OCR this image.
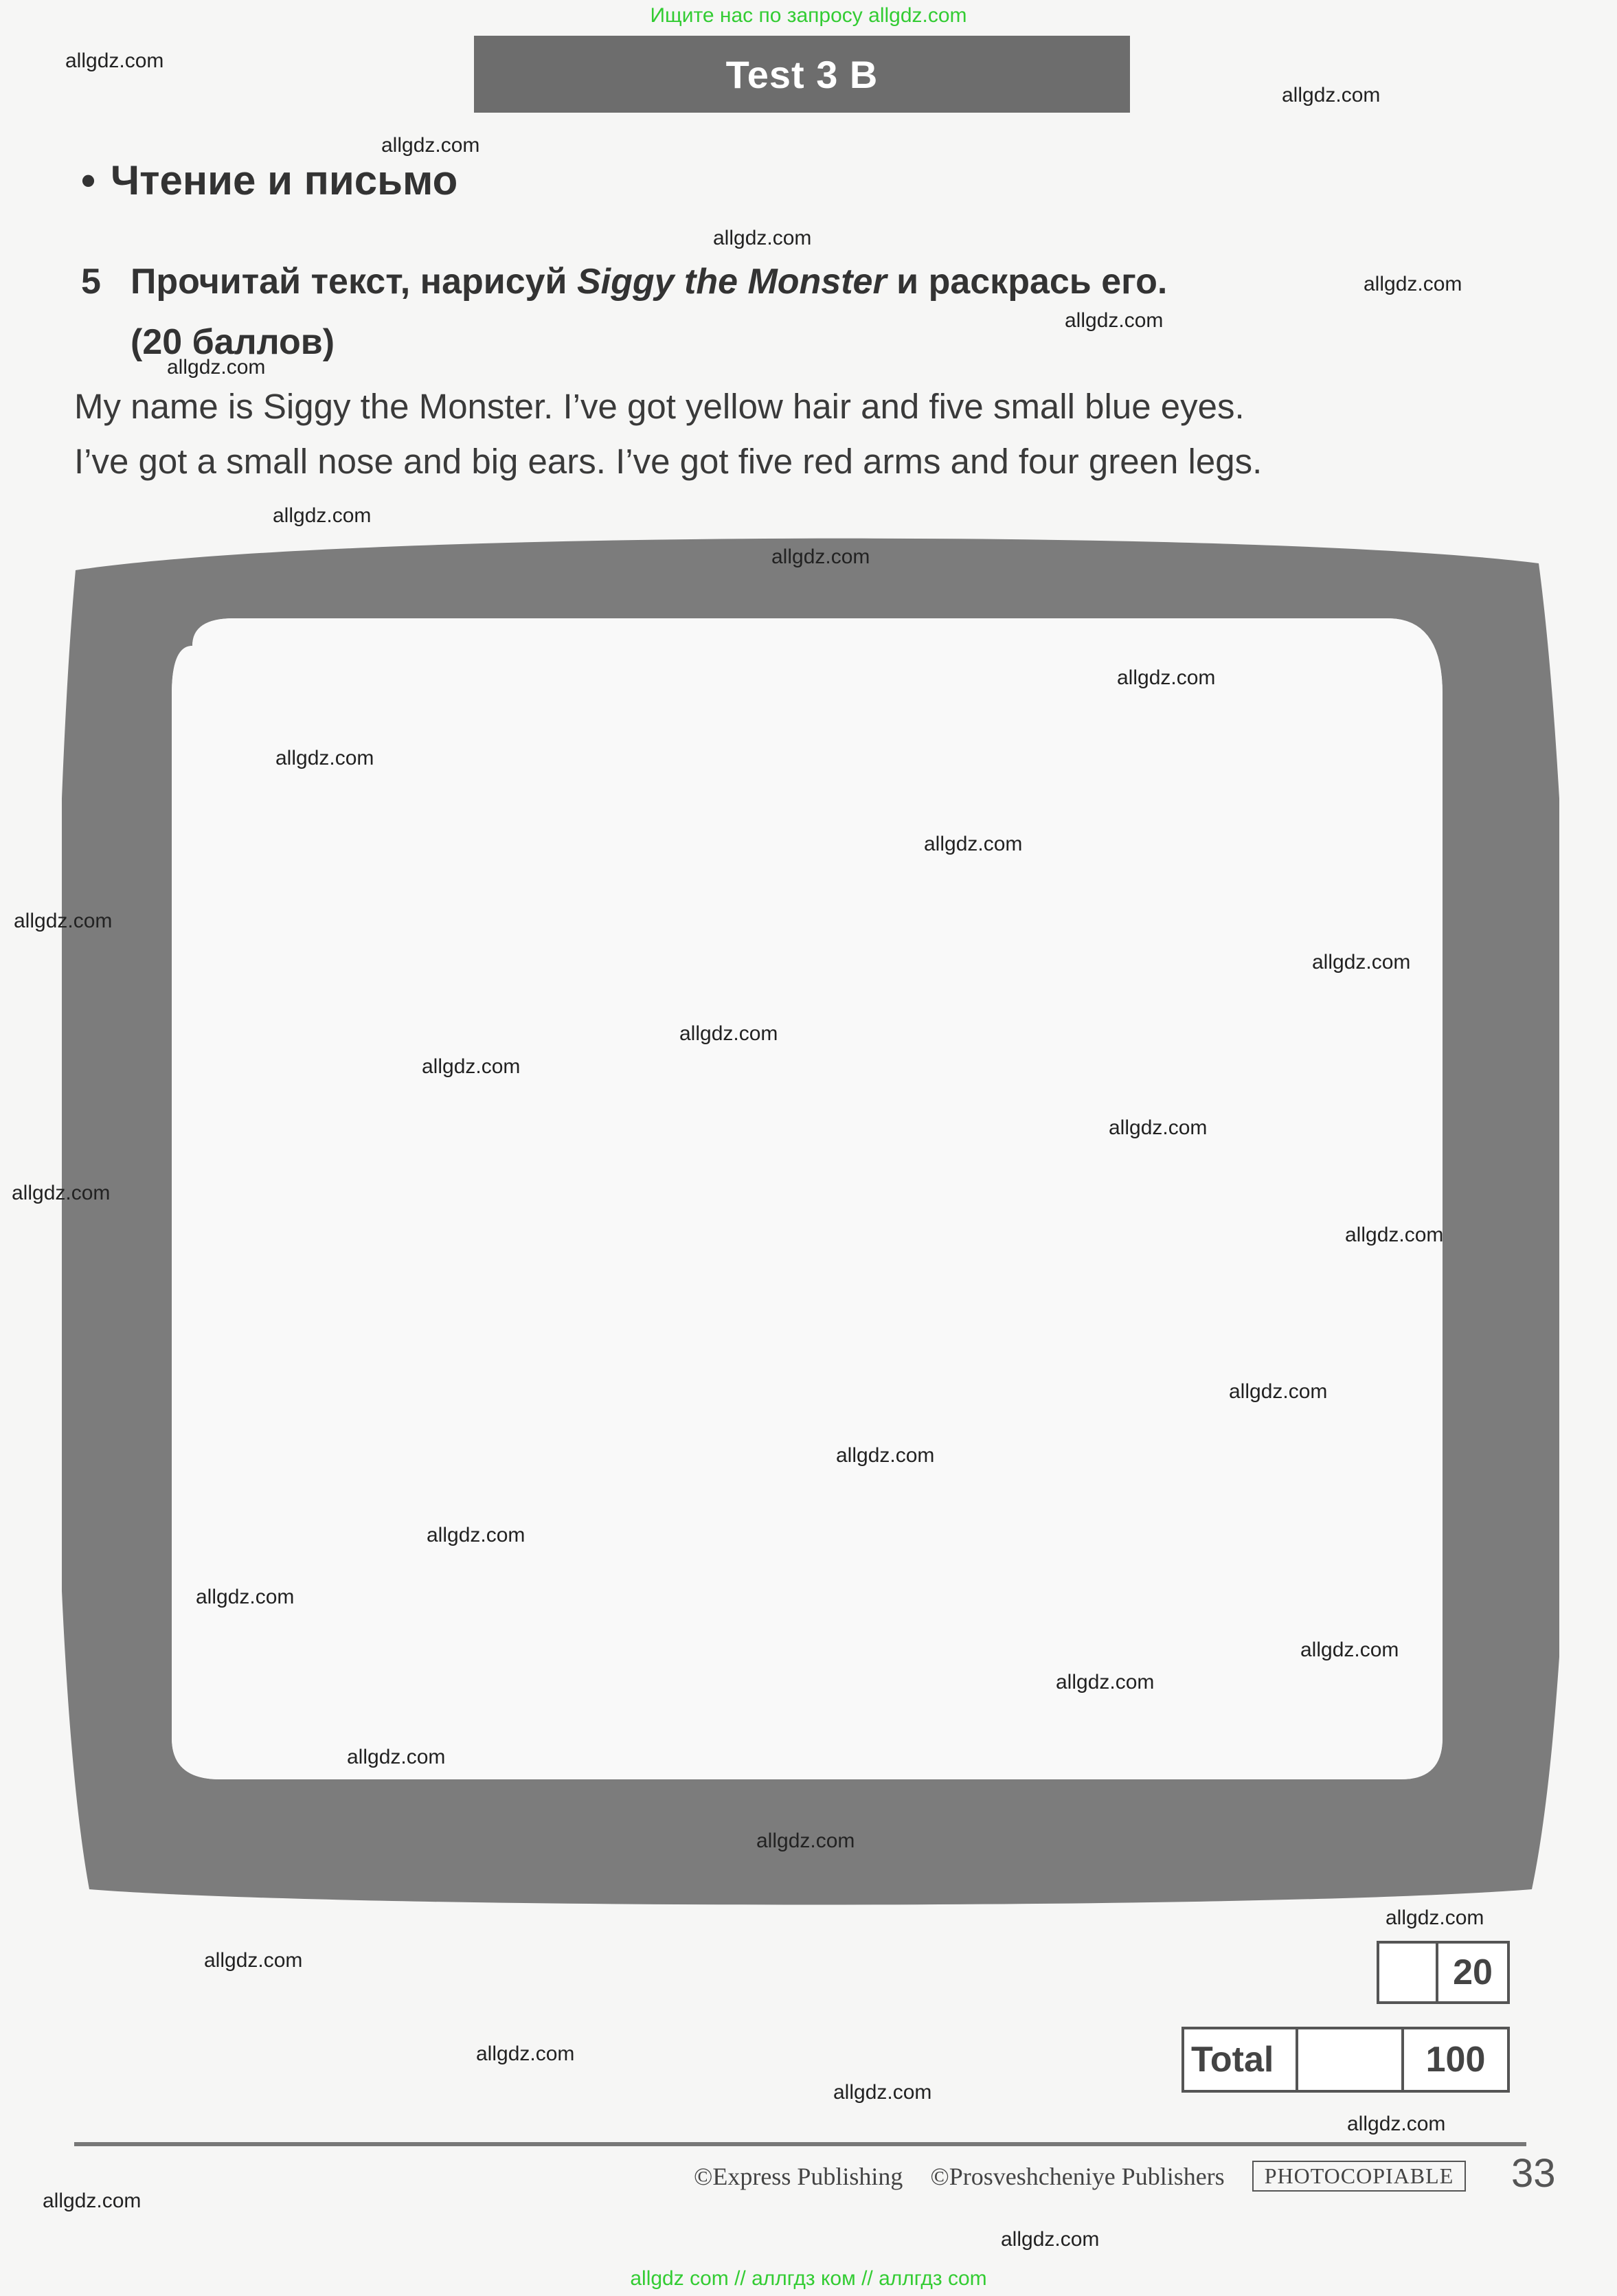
Ищите нас по запросу allgdz.com
Test 3 B
• Чтение и письмо
5 Прочитай текст, нарисуй Siggy the Monster и раскрась его.
(20 баллов)
My name is Siggy the Monster. I’ve got yellow hair and five small blue eyes.
I’ve got a small nose and big ears. I’ve got five red arms and four green legs.
20
Total	100
©Express Publishing ©Prosveshcheniye Publishers	PHOTOCOPIABLE	33
allgdz com // аллгдз ком // аллгдз com
allgdz.com
allgdz.com
allgdz.com
allgdz.com
allgdz.com
allgdz.com
allgdz.com
allgdz.com
allgdz.com
allgdz.com
allgdz.com
allgdz.com
allgdz.com
allgdz.com
allgdz.com
allgdz.com
allgdz.com
allgdz.com
allgdz.com
allgdz.com
allgdz.com
allgdz.com
allgdz.com
allgdz.com
allgdz.com
allgdz.com
allgdz.com
allgdz.com
allgdz.com
allgdz.com
allgdz.com
allgdz.com
allgdz.com
allgdz.com
